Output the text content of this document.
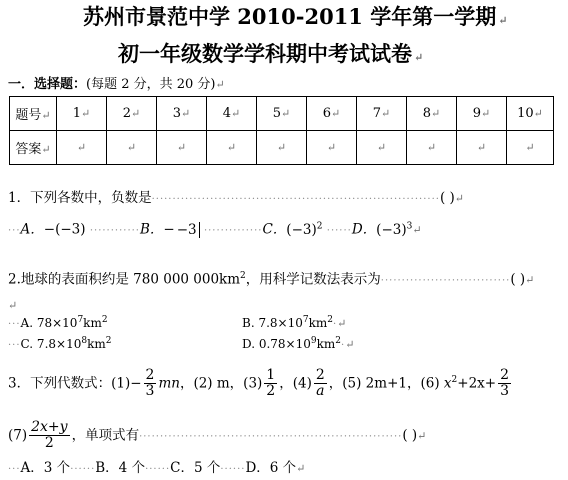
苏州市景范中学 2010-2011 学年第一学期 ↵
初一年级数学学科期中考试试卷 ↵
一．选择题：(每题 2 分，共 20 分)↵
题号↵	1↵	2↵	3↵	4↵	5↵	6↵	7↵	8↵	9↵	10↵
答案↵	↵	↵	↵	↵	↵	↵	↵	↵	↵	↵
1．下列各数中，负数是·····································································( )↵
···A．−(−3) ············B．− −3 ··············C．$(-3)^2 \cdot\cdot\cdot\cdot\cdot\cdot D$．$(-3)^3↵$
2.地球的表面积约是 780 000 $000km^2$，用科学记数法表示为·······························( )↵
↵
···A. $78\times 10^7km^2$	B. $7.8\times 10^7km^2\cdot↵$
···C. $7.8\times 10^8km^2$	D. $0.78\times 10^9km^2\cdot↵$
3．下列代数式：$(1)- \frac{2}{3}$ mn，(2) m，$(3) \frac{1}{2}$ ，$(4) \frac{2}{a}$ ，(5) 2m+1，(6) $x^2+2x+ \frac{2}{3}$
$(7) \frac{2x+y}{2}$ ，单项式有·······························································( )↵
···A．3 个······B．4 个······C．5 个······D．6 个↵
